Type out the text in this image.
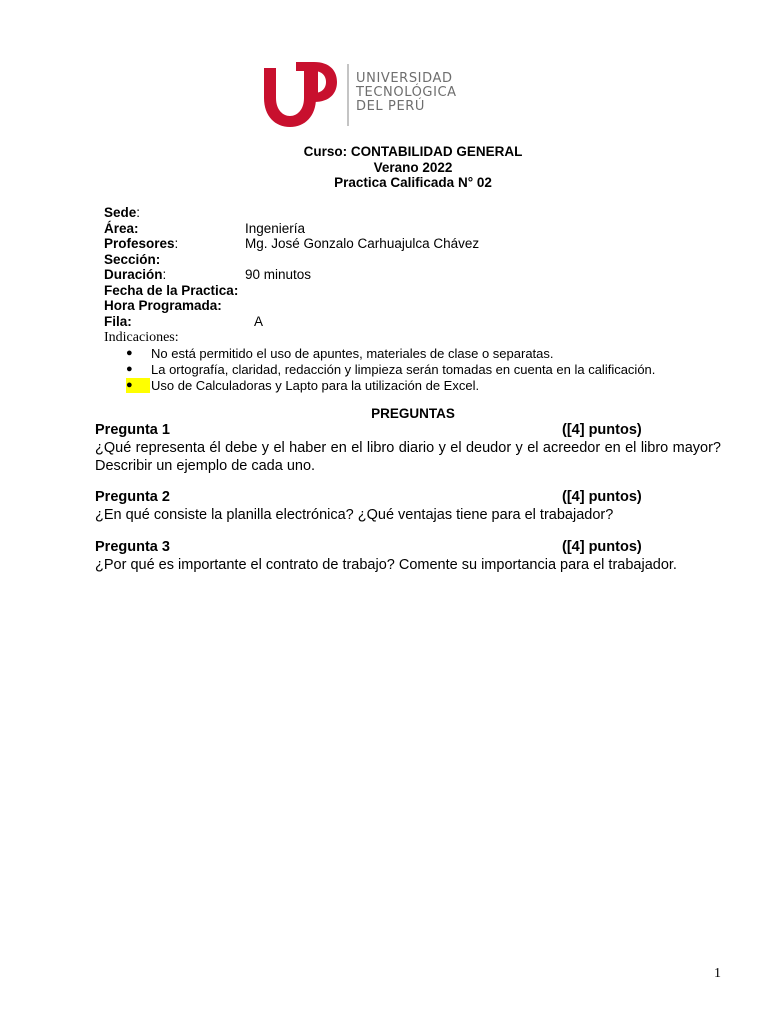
UNIVERSIDAD
TECNOLÓGICA
DEL PERÚ
Curso: CONTABILIDAD GENERAL
Verano 2022
Practica Calificada N° 02
Sede:
Área:	Ingeniería
Profesores:	Mg. José Gonzalo Carhuajulca Chávez
Sección:
Duración:	90 minutos
Fecha de la Practica:
Hora Programada:
Fila:	A
Indicaciones:
●	No está permitido el uso de apuntes, materiales de clase o separatas.
●	La ortografía, claridad, redacción y limpieza serán tomadas en cuenta en la calificación.
●	Uso de Calculadoras y Lapto para la utilización de Excel.
PREGUNTAS
Pregunta 1	([4] puntos)
¿Qué representa él debe y el haber en el libro diario y el deudor y el acreedor en el libro mayor? Describir un ejemplo de cada uno.
Pregunta 2	([4] puntos)
¿En qué consiste la planilla electrónica? ¿Qué ventajas tiene para el trabajador?
Pregunta 3	([4] puntos)
¿Por qué es importante el contrato de trabajo? Comente su importancia para el trabajador.
1
